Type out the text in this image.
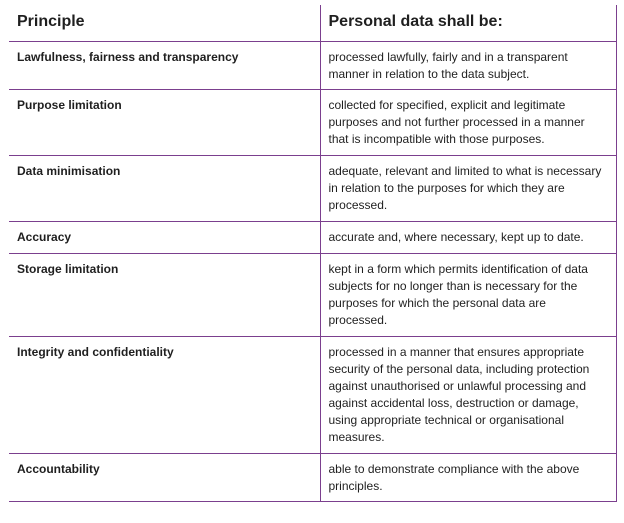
Principle	Personal data shall be:
Lawfulness, fairness and transparency	processed lawfully, fairly and in a transparent manner in relation to the data subject.
Purpose limitation	collected for specified, explicit and legitimate purposes and not further processed in a manner that is incompatible with those purposes.
Data minimisation	adequate, relevant and limited to what is necessary in relation to the purposes for which they are processed.
Accuracy	accurate and, where necessary, kept up to date.
Storage limitation	kept in a form which permits identification of data subjects for no longer than is necessary for the purposes for which the personal data are processed.
Integrity and confidentiality	processed in a manner that ensures appropriate security of the personal data, including protection against unauthorised or unlawful processing and against accidental loss, destruction or damage, using appropriate technical or organisational measures.
Accountability	able to demonstrate compliance with the above principles.
